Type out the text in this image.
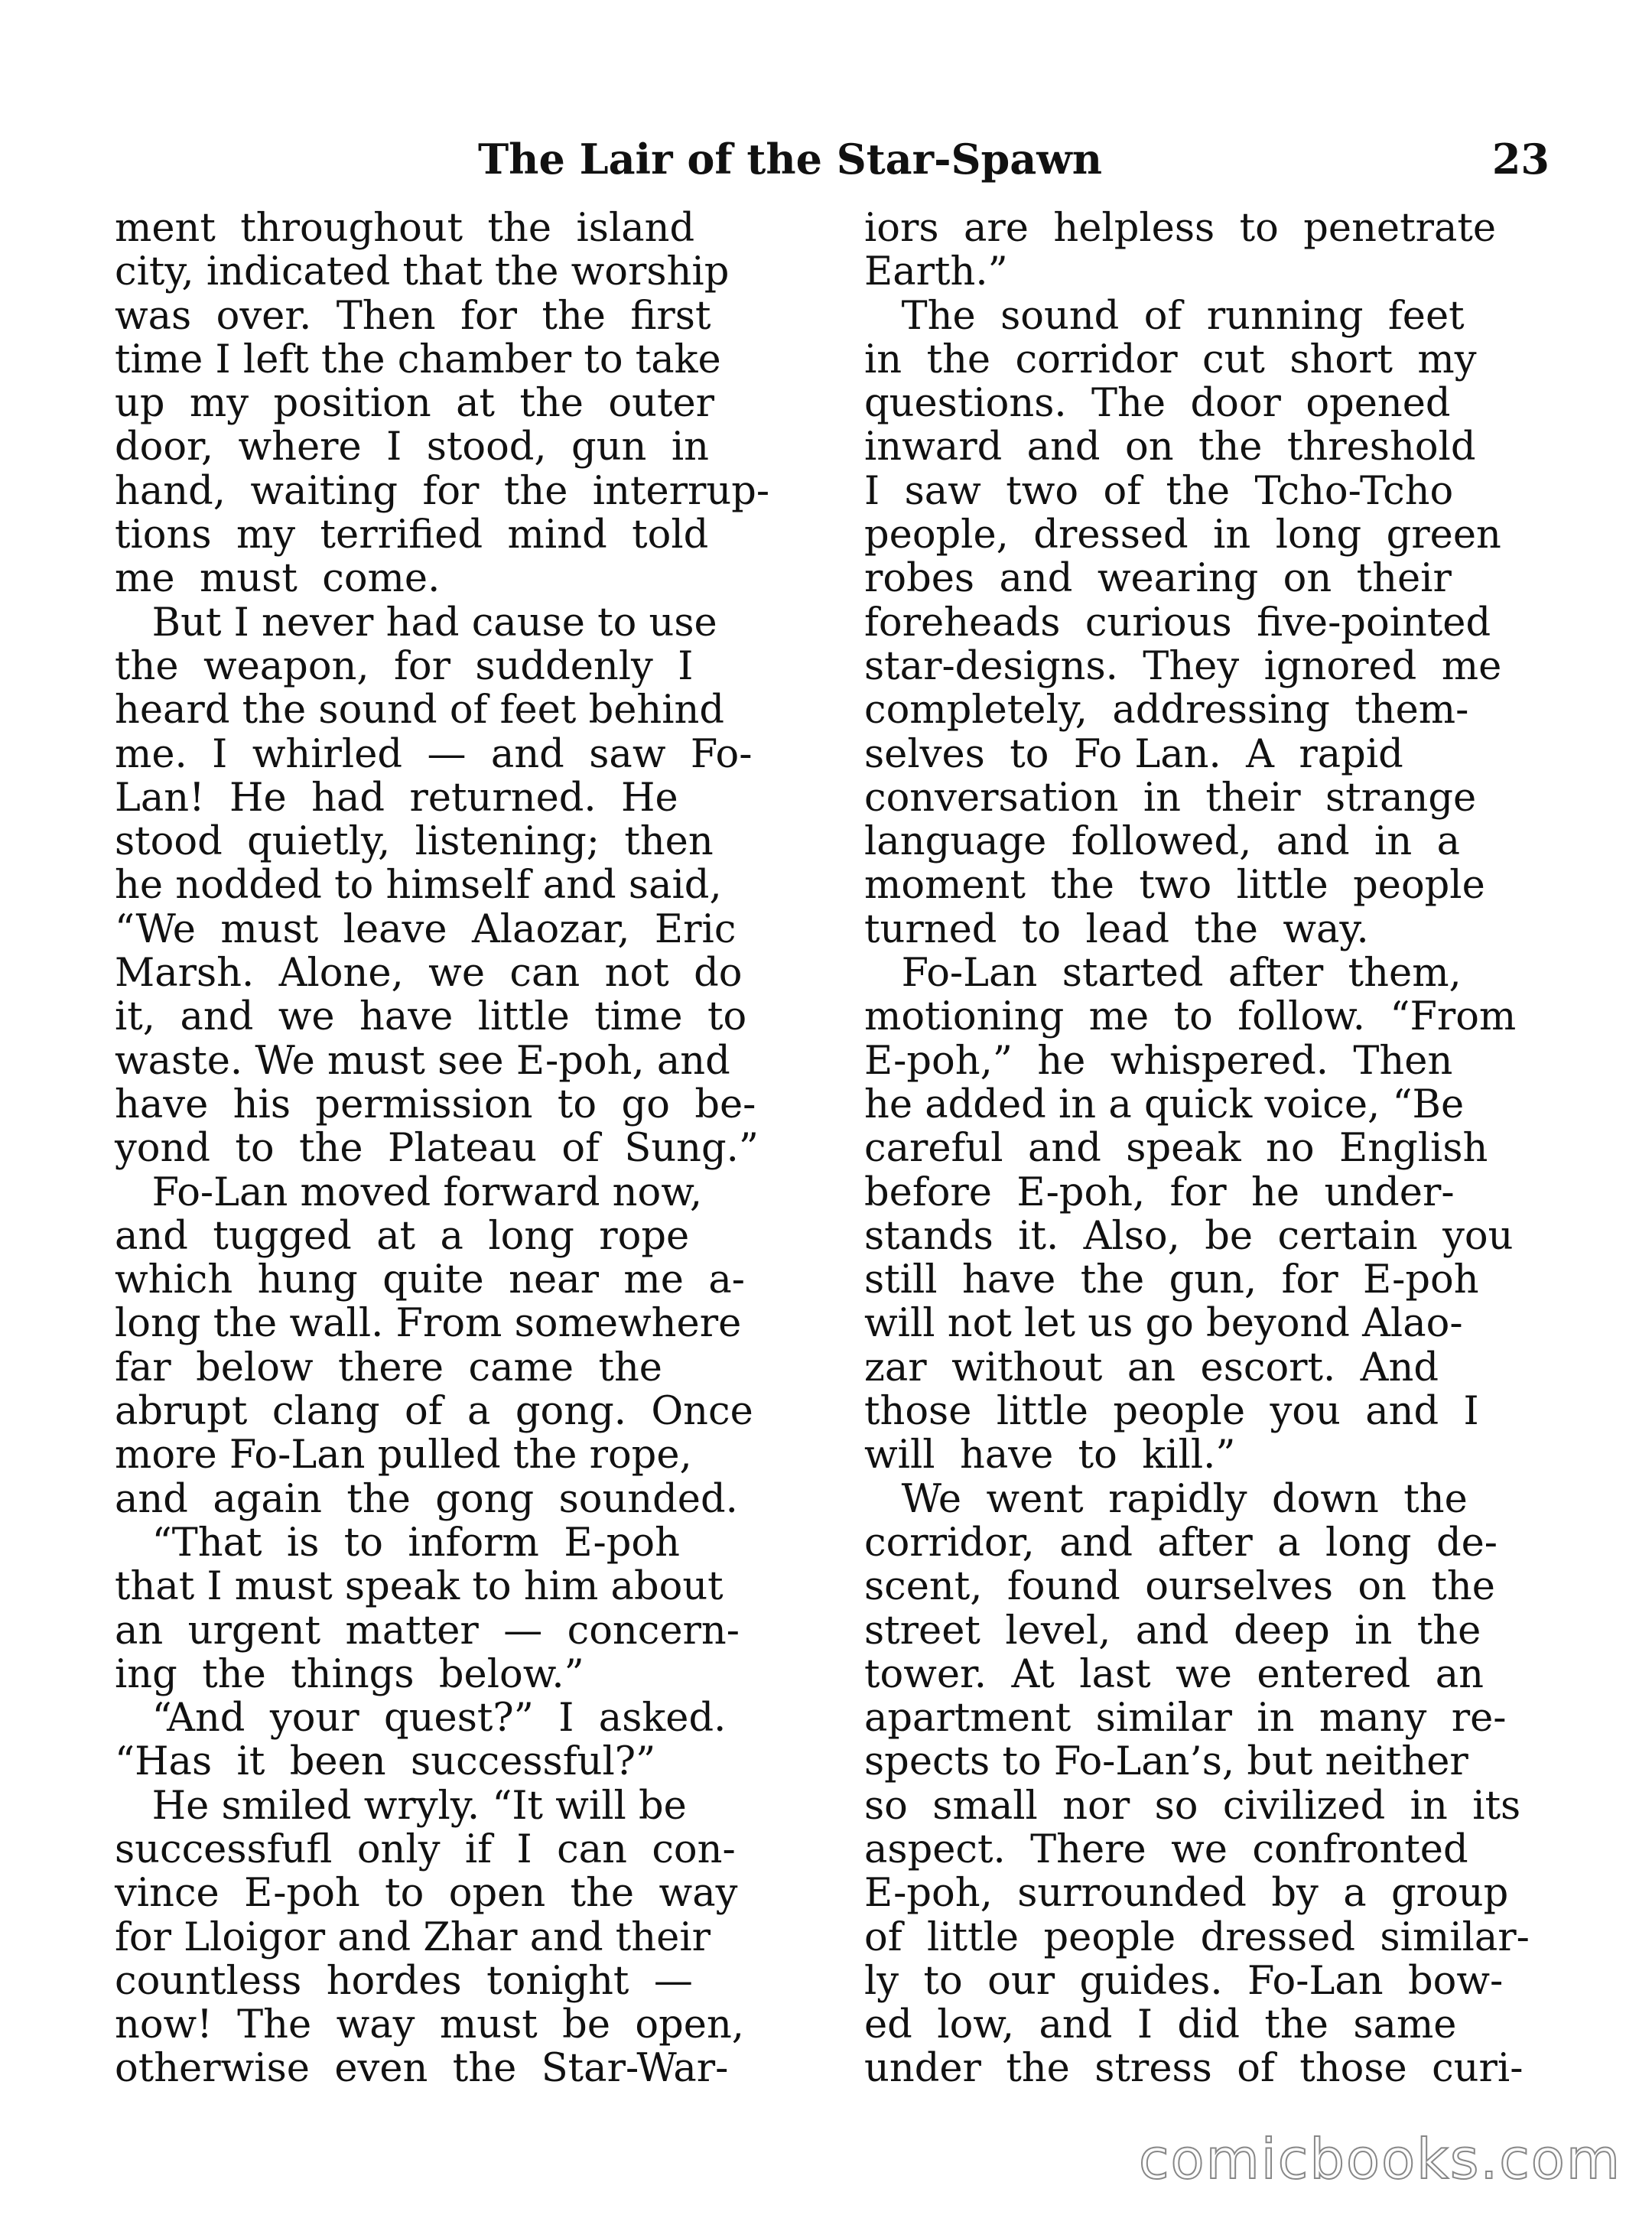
The Lair of the Star-Spawn	23

ment  throughout  the  island
city, indicated that the worship
was  over.  Then  for  the  first
time I left the chamber to take
up  my  position  at  the  outer
door,  where  I  stood,  gun  in
hand,  waiting  for  the  interrup-
tions  my  terrified  mind  told
me  must  come.

But I never had cause to use
the  weapon,  for  suddenly  I
heard the sound of feet behind
me.  I  whirled  —  and  saw  Fo-
Lan!  He  had  returned.  He
stood  quietly,  listening;  then
he nodded to himself and said,
“We  must  leave  Alaozar,  Eric
Marsh.  Alone,  we  can  not  do
it,  and  we  have  little  time  to
waste. We must see E-poh, and
have  his  permission  to  go  be-
yond  to  the  Plateau  of  Sung.”

Fo-Lan moved forward now,
and  tugged  at  a  long  rope
which  hung  quite  near  me  a-
long the wall. From somewhere
far  below  there  came  the
abrupt  clang  of  a  gong.  Once
more Fo-Lan pulled the rope,
and  again  the  gong  sounded.

“That  is  to  inform  E-poh
that I must speak to him about
an  urgent  matter  —  concern-
ing  the  things  below.”

“And  your  quest?”  I  asked.
“Has  it  been  successful?”

He smiled wryly. “It will be
successfufl  only  if  I  can  con-
vince  E-poh  to  open  the  way
for Lloigor and Zhar and their
countless  hordes  tonight  —
now!  The  way  must  be  open,
otherwise  even  the  Star-War-

iors  are  helpless  to  penetrate
Earth.”

The  sound  of  running  feet
in  the  corridor  cut  short  my
questions.  The  door  opened
inward  and  on  the  threshold
I  saw  two  of  the  Tcho-Tcho
people,  dressed  in  long  green
robes  and  wearing  on  their
foreheads  curious  five-pointed
star-designs.  They  ignored  me
completely,  addressing  them-
selves  to  Fo Lan.  A  rapid
conversation  in  their  strange
language  followed,  and  in  a
moment  the  two  little  people
turned  to  lead  the  way.

Fo-Lan  started  after  them,
motioning  me  to  follow.  “From
E-poh,”  he  whispered.  Then
he added in a quick voice, “Be
careful  and  speak  no  English
before  E-poh,  for  he  under-
stands  it.  Also,  be  certain  you
still  have  the  gun,  for  E-poh
will not let us go beyond Alao-
zar  without  an  escort.  And
those  little  people  you  and  I
will  have  to  kill.”

We  went  rapidly  down  the
corridor,  and  after  a  long  de-
scent,  found  ourselves  on  the
street  level,  and  deep  in  the
tower.  At  last  we  entered  an
apartment  similar  in  many  re-
spects to Fo-Lan’s, but neither
so  small  nor  so  civilized  in  its
aspect.  There  we  confronted
E-poh,  surrounded  by  a  group
of  little  people  dressed  similar-
ly  to  our  guides.  Fo-Lan  bow-
ed  low,  and  I  did  the  same
under  the  stress  of  those  curi-

comicbooks.com
